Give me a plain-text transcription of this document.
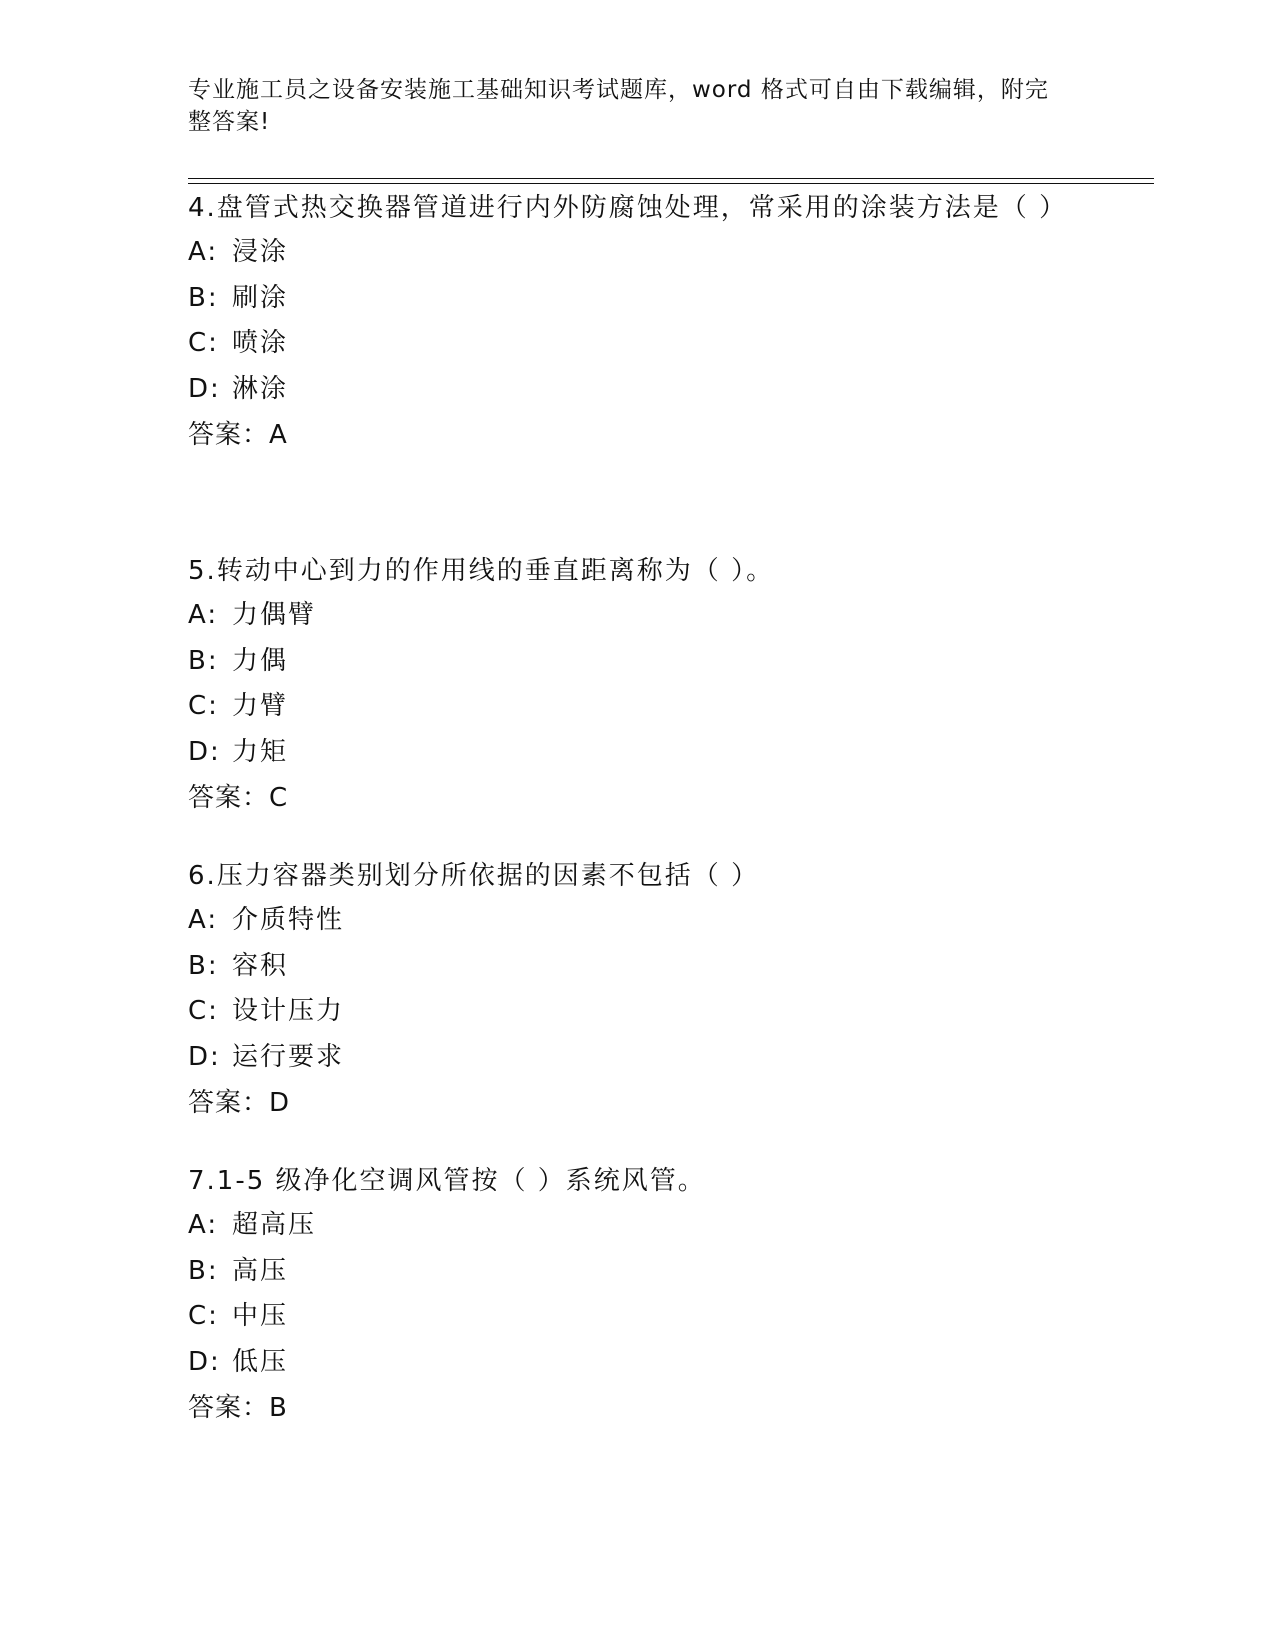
专业施工员之设备安装施工基础知识考试题库，word 格式可自由下载编辑，附完整答案!

4.盘管式热交换器管道进行内外防腐蚀处理，常采用的涂装方法是（ ）

A: 浸涂

B: 刷涂

C: 喷涂

D: 淋涂

答案：A

5.转动中心到力的作用线的垂直距离称为（ ）。

A: 力偶臂

B: 力偶

C: 力臂

D: 力矩

答案：C

6.压力容器类别划分所依据的因素不包括（ ）

A: 介质特性

B: 容积

C: 设计压力

D: 运行要求

答案：D

7.1-5 级净化空调风管按（ ）系统风管。

A: 超高压

B: 高压

C: 中压

D: 低压

答案：B
